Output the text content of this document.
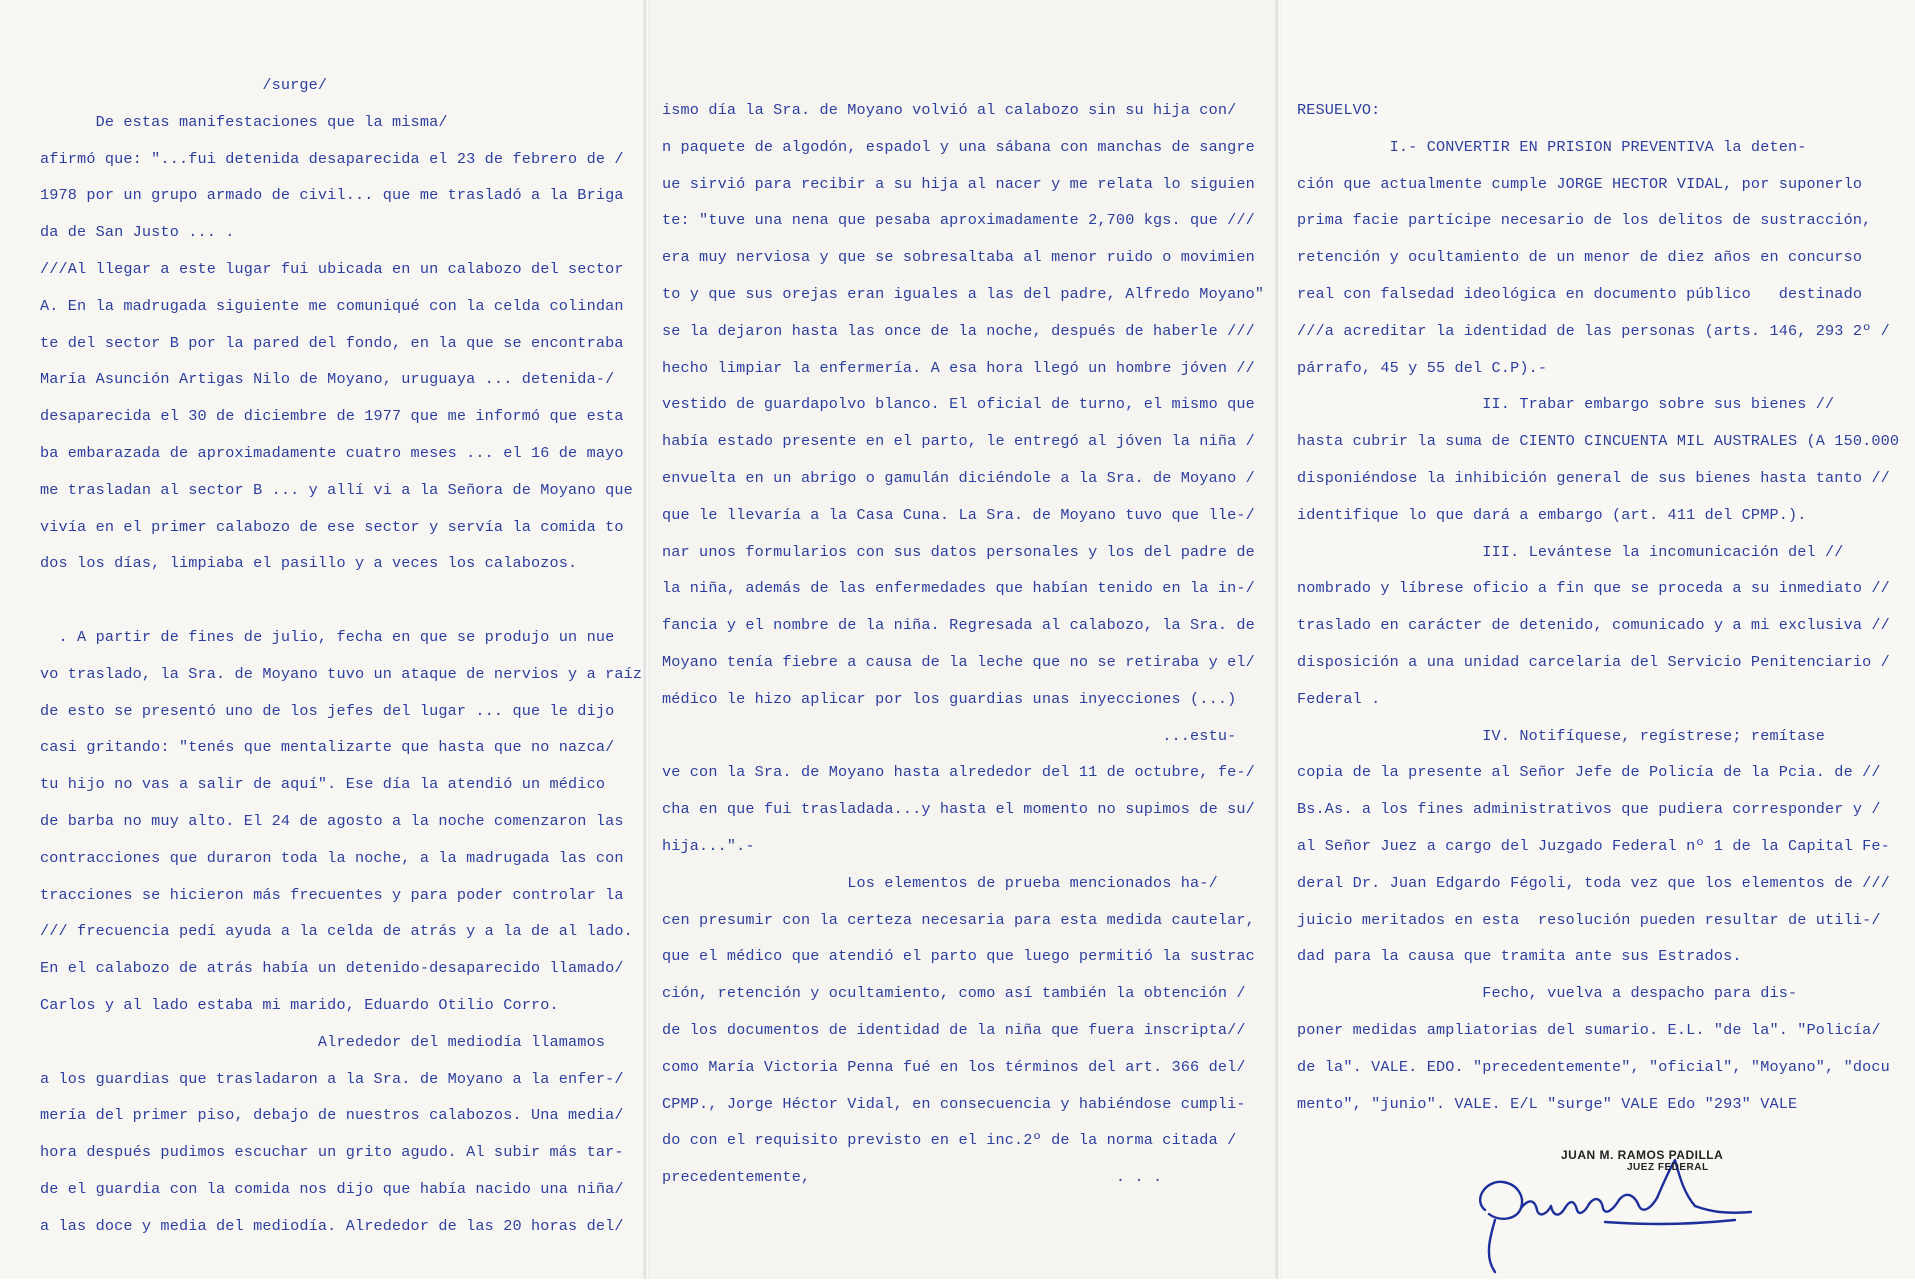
/surge/
De estas manifestaciones que la misma/
afirmó que: "...fui detenida desaparecida el 23 de febrero de /
1978 por un grupo armado de civil... que me trasladó a la Briga
da de San Justo ... .
///Al llegar a este lugar fui ubicada en un calabozo del sector
A. En la madrugada siguiente me comuniqué con la celda colindan
te del sector B por la pared del fondo, en la que se encontraba
María Asunción Artigas Nilo de Moyano, uruguaya ... detenida-/
desaparecida el 30 de diciembre de 1977 que me informó que esta
ba embarazada de aproximadamente cuatro meses ... el 16 de mayo
me trasladan al sector B ... y allí vi a la Señora de Moyano que
vivía en el primer calabozo de ese sector y servía la comida to
dos los días, limpiaba el pasillo y a veces los calabozos.
. A partir de fines de julio, fecha en que se produjo un nue
vo traslado, la Sra. de Moyano tuvo un ataque de nervios y a raíz
de esto se presentó uno de los jefes del lugar ... que le dijo
casi gritando: "tenés que mentalizarte que hasta que no nazca/
tu hijo no vas a salir de aquí". Ese día la atendió un médico
de barba no muy alto. El 24 de agosto a la noche comenzaron las
contracciones que duraron toda la noche, a la madrugada las con
tracciones se hicieron más frecuentes y para poder controlar la
/// frecuencia pedí ayuda a la celda de atrás y a la de al lado.
En el calabozo de atrás había un detenido-desaparecido llamado/
Carlos y al lado estaba mi marido, Eduardo Otilio Corro.
Alrededor del mediodía llamamos
a los guardias que trasladaron a la Sra. de Moyano a la enfer-/
mería del primer piso, debajo de nuestros calabozos. Una media/
hora después pudimos escuchar un grito agudo. Al subir más tar-
de el guardia con la comida nos dijo que había nacido una niña/
a las doce y media del mediodía. Alrededor de las 20 horas del/
ismo día la Sra. de Moyano volvió al calabozo sin su hija con/
n paquete de algodón, espadol y una sábana con manchas de sangre
ue sirvió para recibir a su hija al nacer y me relata lo siguien
te: "tuve una nena que pesaba aproximadamente 2,700 kgs. que ///
era muy nerviosa y que se sobresaltaba al menor ruido o movimien
to y que sus orejas eran iguales a las del padre, Alfredo Moyano"
se la dejaron hasta las once de la noche, después de haberle ///
hecho limpiar la enfermería. A esa hora llegó un hombre jóven //
vestido de guardapolvo blanco. El oficial de turno, el mismo que
había estado presente en el parto, le entregó al jóven la niña /
envuelta en un abrigo o gamulán diciéndole a la Sra. de Moyano /
que le llevaría a la Casa Cuna. La Sra. de Moyano tuvo que lle-/
nar unos formularios con sus datos personales y los del padre de
la niña, además de las enfermedades que habían tenido en la in-/
fancia y el nombre de la niña. Regresada al calabozo, la Sra. de
Moyano tenía fiebre a causa de la leche que no se retiraba y el/
médico le hizo aplicar por los guardias unas inyecciones (...)
...estu-
ve con la Sra. de Moyano hasta alrededor del 11 de octubre, fe-/
cha en que fui trasladada...y hasta el momento no supimos de su/
hija...".-
Los elementos de prueba mencionados ha-/
cen presumir con la certeza necesaria para esta medida cautelar,
que el médico que atendió el parto que luego permitió la sustrac
ción, retención y ocultamiento, como así también la obtención /
de los documentos de identidad de la niña que fuera inscripta//
como María Victoria Penna fué en los términos del art. 366 del/
CPMP., Jorge Héctor Vidal, en consecuencia y habiéndose cumpli-
do con el requisito previsto en el inc.2º de la norma citada /
precedentemente,                                 . . .
RESUELVO:
I.- CONVERTIR EN PRISION PREVENTIVA la deten-
ción que actualmente cumple JORGE HECTOR VIDAL, por suponerlo
prima facie partícipe necesario de los delitos de sustracción,
retención y ocultamiento de un menor de diez años en concurso
real con falsedad ideológica en documento público   destinado
///a acreditar la identidad de las personas (arts. 146, 293 2º /
párrafo, 45 y 55 del C.P).-
II. Trabar embargo sobre sus bienes //
hasta cubrir la suma de CIENTO CINCUENTA MIL AUSTRALES (A 150.000
disponiéndose la inhibición general de sus bienes hasta tanto //
identifique lo que dará a embargo (art. 411 del CPMP.).
III. Levántese la incomunicación del //
nombrado y líbrese oficio a fin que se proceda a su inmediato //
traslado en carácter de detenido, comunicado y a mi exclusiva //
disposición a una unidad carcelaria del Servicio Penitenciario /
Federal .
IV. Notifíquese, regístrese; remítase
copia de la presente al Señor Jefe de Policía de la Pcia. de //
Bs.As. a los fines administrativos que pudiera corresponder y /
al Señor Juez a cargo del Juzgado Federal nº 1 de la Capital Fe-
deral Dr. Juan Edgardo Fégoli, toda vez que los elementos de ///
juicio meritados en esta  resolución pueden resultar de utili-/
dad para la causa que tramita ante sus Estrados.
Fecho, vuelva a despacho para dis-
poner medidas ampliatorias del sumario. E.L. "de la". "Policía/
de la". VALE. EDO. "precedentemente", "oficial", "Moyano", "docu
mento", "junio". VALE. E/L "surge" VALE Edo "293" VALE
JUAN M. RAMOS PADILLA
JUEZ FEDERAL
